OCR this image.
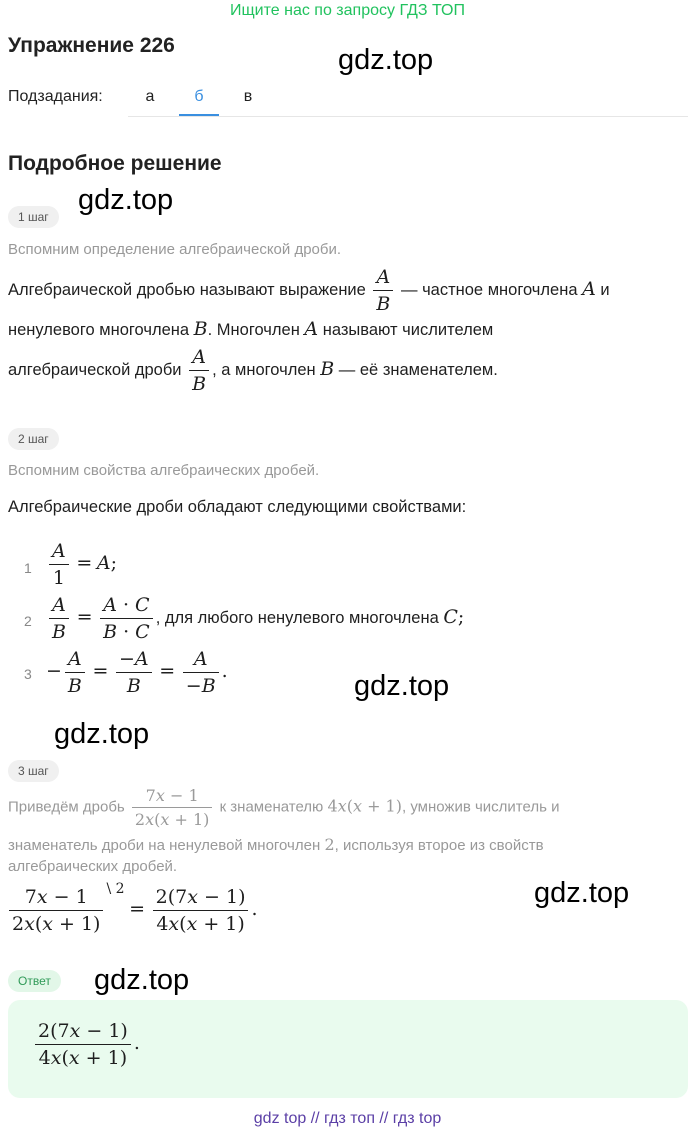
Ищите нас по запросу ГДЗ ТОП
Упражнение 226	gdz.top
Подзадания:	а	б	в
Подробное решение
1 шаг
gdz.top
Вспомним определение алгебраической дроби.
Алгебраической дробью называют выражение $\frac{A}{B}$ — частное многочлена A и
ненулевого многочлена B. Многочлен A называют числителем
алгебраической дроби $\frac{A}{B}$ , а многочлен B — её знаменателем.
2 шаг
Вспомним свойства алгебраических дробей.
Алгебраические дроби обладают следующими свойствами:
$1 \frac{A}{1} = A$;
$2 \frac{A}{B} = \frac{A \cdot C}{B \cdot C}$ , для любого ненулевого многочлена C;
$3 - \frac{A}{B} = \frac{-A}{B} = \frac{A}{-B}$ .	gdz.top
gdz.top
3 шаг
Приведём дробь $\frac{7x - 1}{2x(x + 1)}$ к знаменателю 4x(x + 1), умножив числитель и
знаменатель дроби на ненулевой многочлен 2, используя второе из свойств
алгебраических дробей.
$\frac{7x - 1}{2x(x + 1)} ^{\backslash 2} = \frac{2(7x - 1)}{4x(x + 1)}$ .	gdz.top
Ответ	gdz.top
$\frac{2(7x - 1)}{4x(x + 1)}$ .
gdz top // гдз топ // гдз top
